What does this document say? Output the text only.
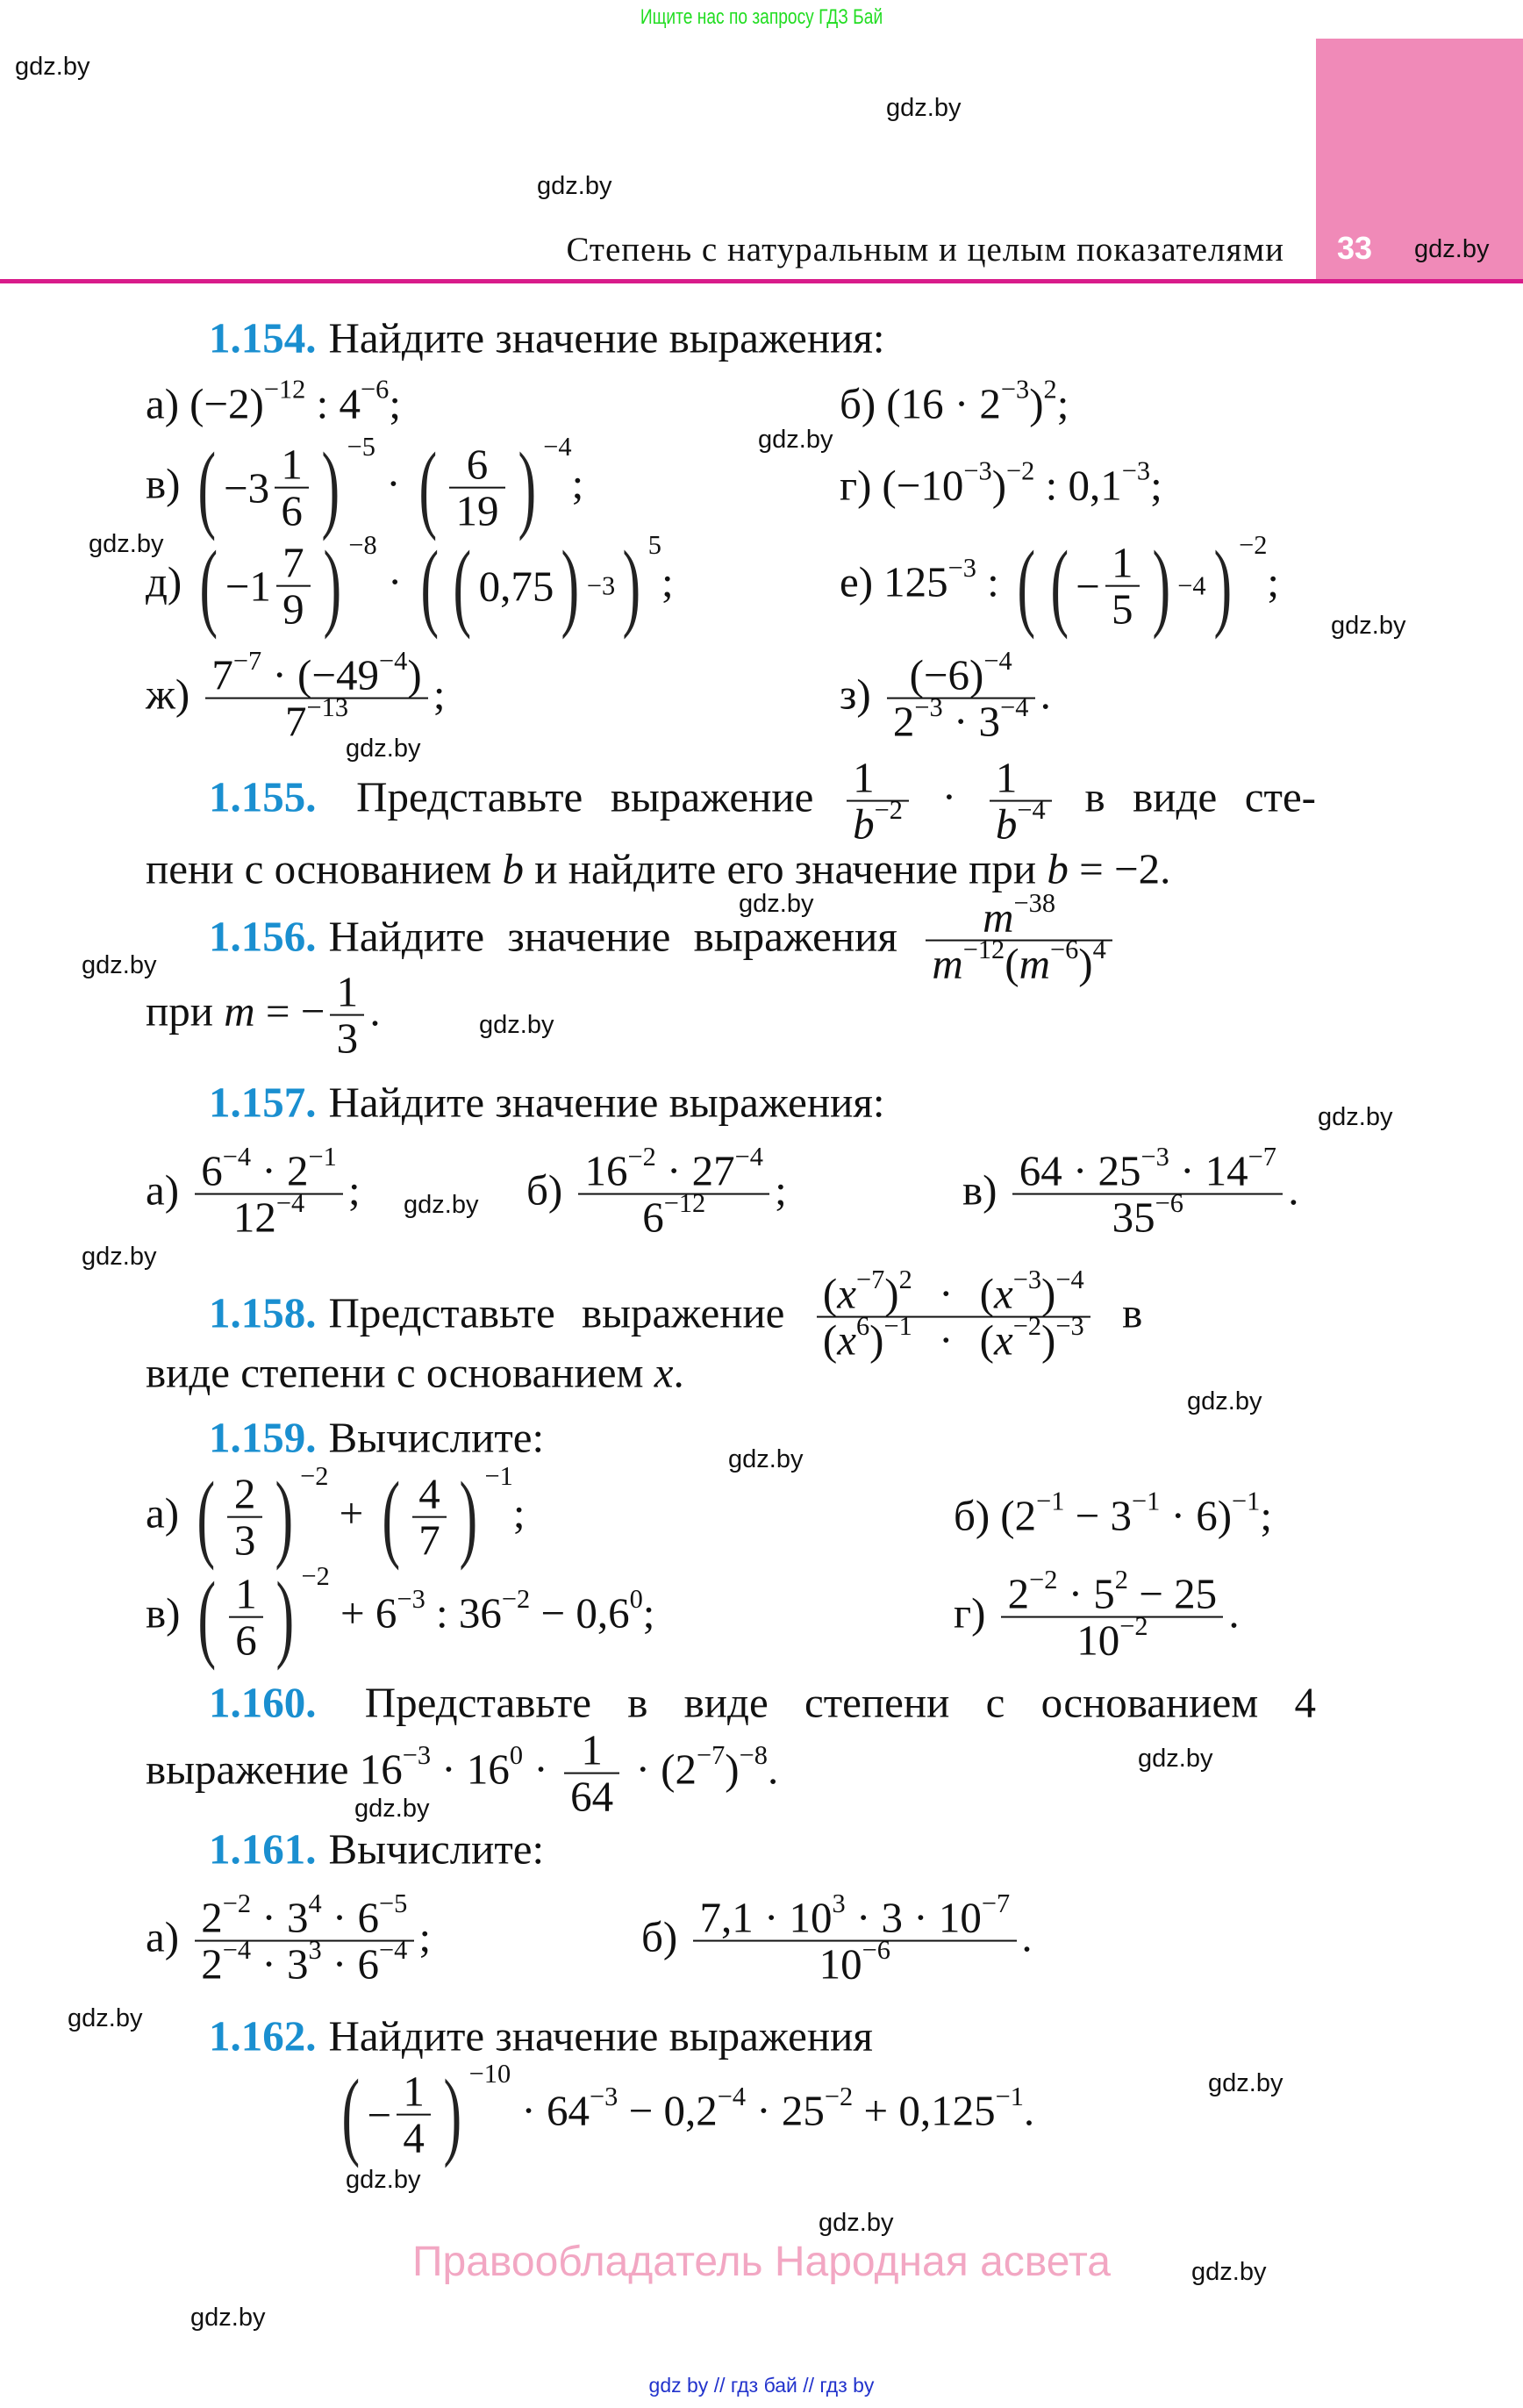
Ищите нас по запросу ГДЗ Бай
33
Степень с натуральным и целым показателями
gdz.by
gdz.by
gdz.by
gdz.by
gdz.by
gdz.by
gdz.by
gdz.by
gdz.by
gdz.by
gdz.by
gdz.by
gdz.by
gdz.by
gdz.by
gdz.by
gdz.by
gdz.by
gdz.by
gdz.by
gdz.by
gdz.by
gdz.by
gdz.by
1.154. Найдите значение выражения:
а) $(-2)^{-12}$ : $4^{-6}$;	б) $(16 \cdot 2^{-3})^2$;
в) ( $-3 \frac{1}{6}$ ) $^{-5}$ · ( $\frac{6}{19}$ ) $^{-4}$;	г) $(-10^{-3})^{-2}$ : $0,1^{-3}$;
д) ( $-1 \frac{7}{9}$ ) $^{-8}$ · ( ( 0,75 ) −3 ) $^5$;	е) $125^{-3}$ : ( ( − $\frac{1}{5}$ ) −4 ) $^{-2}$;
$ж) \frac{7^{-7} \cdot (-49^{-4})}{7^{-13}}$ ;	$з) \frac{(-6)^{-4}}{2^{-3} \cdot 3^{-4}}$ .
1.155. Представьте выражение $\frac{1}{b^{-2}} \cdot \frac{1}{b^{-4}}$ в виде сте-
пени с основанием b и найдите его значение при b = −2.
1.156. Найдите значение выражения $\frac{m^{-38}}{m^{-12}(m^{-6})^4}$
при m = − $\frac{1}{3}$ .
1.157. Найдите значение выражения:
$а) \frac{6^{-4} \cdot 2^{-1}}{12^{-4}}$ ;	$б) \frac{16^{-2} \cdot 27^{-4}}{6^{-12}}$ ;	$в) \frac{64 \cdot 25^{-3} \cdot 14^{-7}}{35^{-6}}$ .
1.158. Представьте выражение $\frac{(x^{-7})^2 \cdot (x^{-3})^{-4}}{(x^6)^{-1} \cdot (x^{-2})^{-3}}$ в
виде степени с основанием x.
1.159. Вычислите:
а) ( $\frac{2}{3}$ ) $^{-2}$ + ( $\frac{4}{7}$ ) $^{-1}$;	б) $(2^{-1} - 3^{-1} \cdot 6)^{-1}$;
в) ( $\frac{1}{6}$ ) $^{-2} + 6^{-3}$ : $36^{-2} - 0,6^0$;	$г) \frac{2^{-2} \cdot 5^2 - 25}{10^{-2}}$ .
1.160. Представьте в виде степени с основанием 4
выражение $16^{-3} \cdot 16^0 \cdot \frac{1}{64} \cdot (2^{-7})^{-8}$.
1.161. Вычислите:
$а) \frac{2^{-2} \cdot 3^4 \cdot 6^{-5}}{2^{-4} \cdot 3^3 \cdot 6^{-4}}$ ;	$б) \frac{7,1 \cdot 10^3 \cdot 3 \cdot 10^{-7}}{10^{-6}}$ .
1.162. Найдите значение выражения
( − $\frac{1}{4}$ ) $^{-10} \cdot 64^{-3} - 0,2^{-4} \cdot 25^{-2} + 0,125^{-1}$.
Правообладатель Народная асвета
gdz by // гдз бай // гдз by
